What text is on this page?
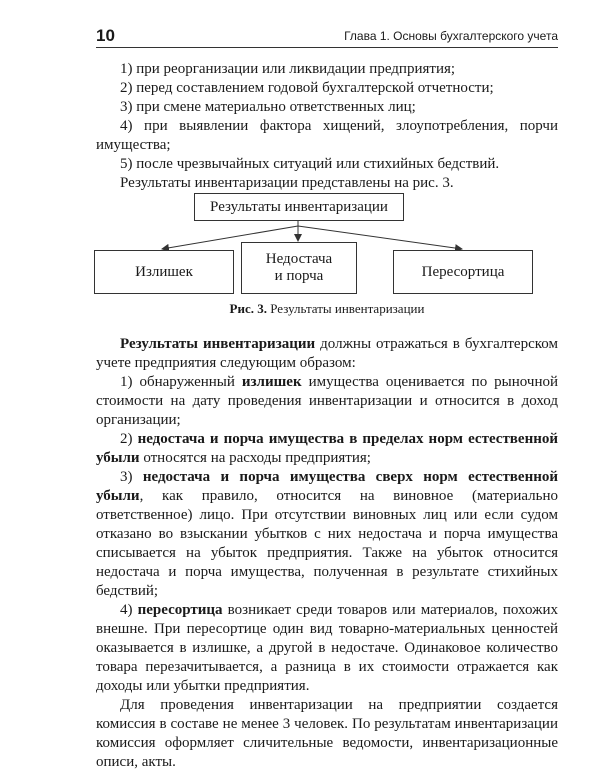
10	Глава 1. Основы бухгалтерского учета

1) при реорганизации или ликвидации предприятия;

2) перед составлением годовой бухгалтерской отчетности;

3) при смене материально ответственных лиц;

4) при выявлении фактора хищений, злоупотребления, порчи имущества;

5) после чрезвычайных ситуаций или стихийных бедствий.

Результаты инвентаризации представлены на рис. 3.

Результаты инвентаризации
Излишек
Недостача
и порча	Пересортица
Рис. 3. Результаты инвентаризации

Результаты инвентаризации должны отражаться в бухгалтерском учете предприятия следующим образом:

1) обнаруженный излишек имущества оценивается по рыночной стоимости на дату проведения инвентаризации и относится в доход организации;

2) недостача и порча имущества в пределах норм естественной убыли относятся на расходы предприятия;

3) недостача и порча имущества сверх норм естественной убыли, как правило, относится на виновное (материально ответственное) лицо. При отсутствии виновных лиц или если судом отказано во взыскании убытков с них недостача и порча имущества списывается на убыток предприятия. Также на убыток относится недостача и порча имущества, полученная в результате стихийных бедствий;

4) пересортица возникает среди товаров или материалов, похожих внешне. При пересортице один вид товарно-материальных ценностей оказывается в излишке, а другой в недостаче. Одинаковое количество товара перезачитывается, а разница в их стоимости отражается как доходы или убытки предприятия.

Для проведения инвентаризации на предприятии создается комиссия в составе не менее 3 человек. По результатам инвентаризации комиссия оформляет сличительные ведомости, инвентаризационные описи, акты.
